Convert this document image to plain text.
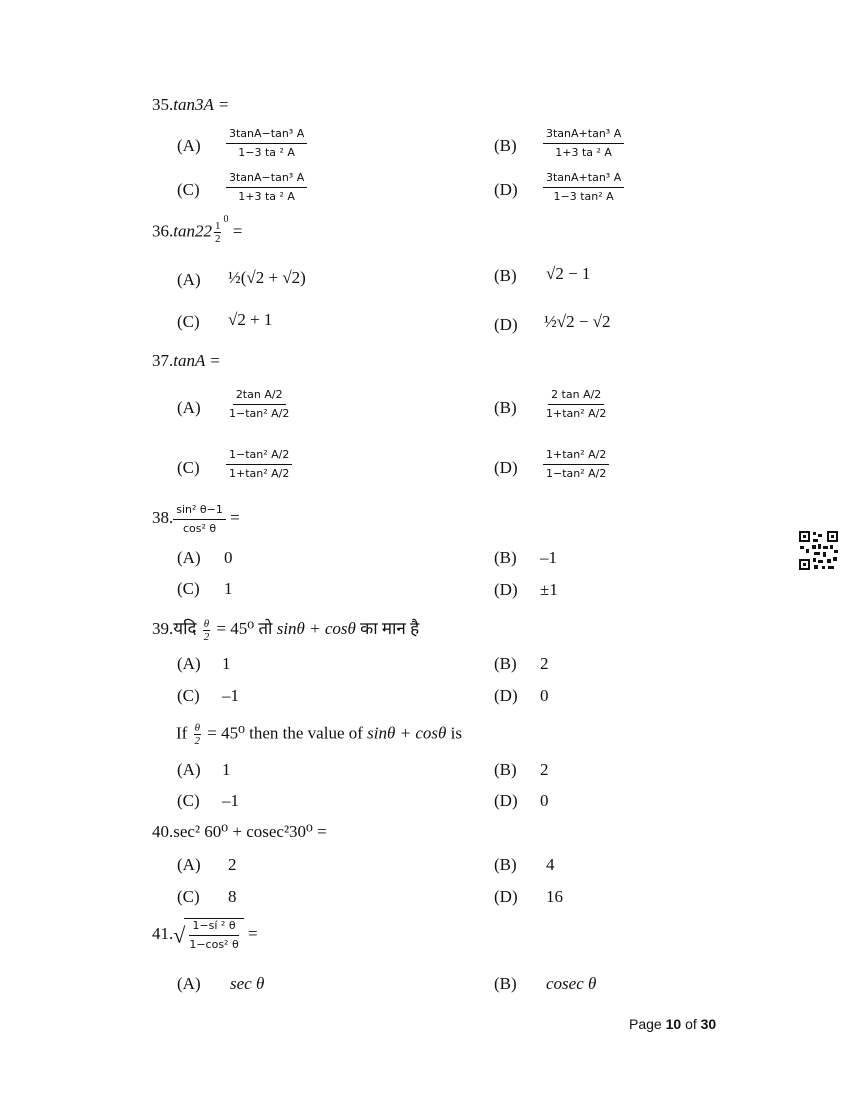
35.tan3A =
$(A) \frac{\text{3tanA−tan³ A}}{\text{1−3 ta ² A}}$	$(B) \frac{\text{3tanA+tan³ A}}{\text{1+3 ta ² A}}$
$(C) \frac{\text{3tanA−tan³ A}}{\text{1+3 ta ² A}}$	$(D) \frac{\text{3tanA+tan³ A}}{\text{1−3 tan² A}}$
$36.\tan 22 \frac{1}{2}$
$^0$ =
(A) ½(√2 + √2)	(B) √2 − 1
(C) √2 + 1	(D) ½√2 − √2
37.tanA =
$(A) \frac{\text{2tan A/2}}{\text{1−tan² A/2}}$	$(B) \frac{\text{2 tan A/2}}{\text{1+tan² A/2}}$
$(C) \frac{\text{1−tan² A/2}}{\text{1+tan² A/2}}$	$(D) \frac{\text{1+tan² A/2}}{\text{1−tan² A/2}}$
38. $\frac{\text{sin² θ−1}}{\text{cos² θ}}$ =
(A) 0	(B) –1
(C) 1	(D) ±1
39.यदि $\frac{\theta}{2} = 45^0$ तो sinθ + cosθ का मान है
(A) 1	(B) 2
(C) –1	(D) 0
If $\frac{\theta}{2} = 45^0$ then the value of sinθ + cosθ is
(A) 1	(B) 2
(C) –1	(D) 0
40.sec² 60⁰ + cosec²30⁰ =
(A) 2	(B) 4
(C) 8	(D) 16
$41.√ \frac{\text{1−sí ² θ}}{\text{1−cos² θ}}$ =
(A) sec θ	(B) cosec θ
Page 10 of 30
